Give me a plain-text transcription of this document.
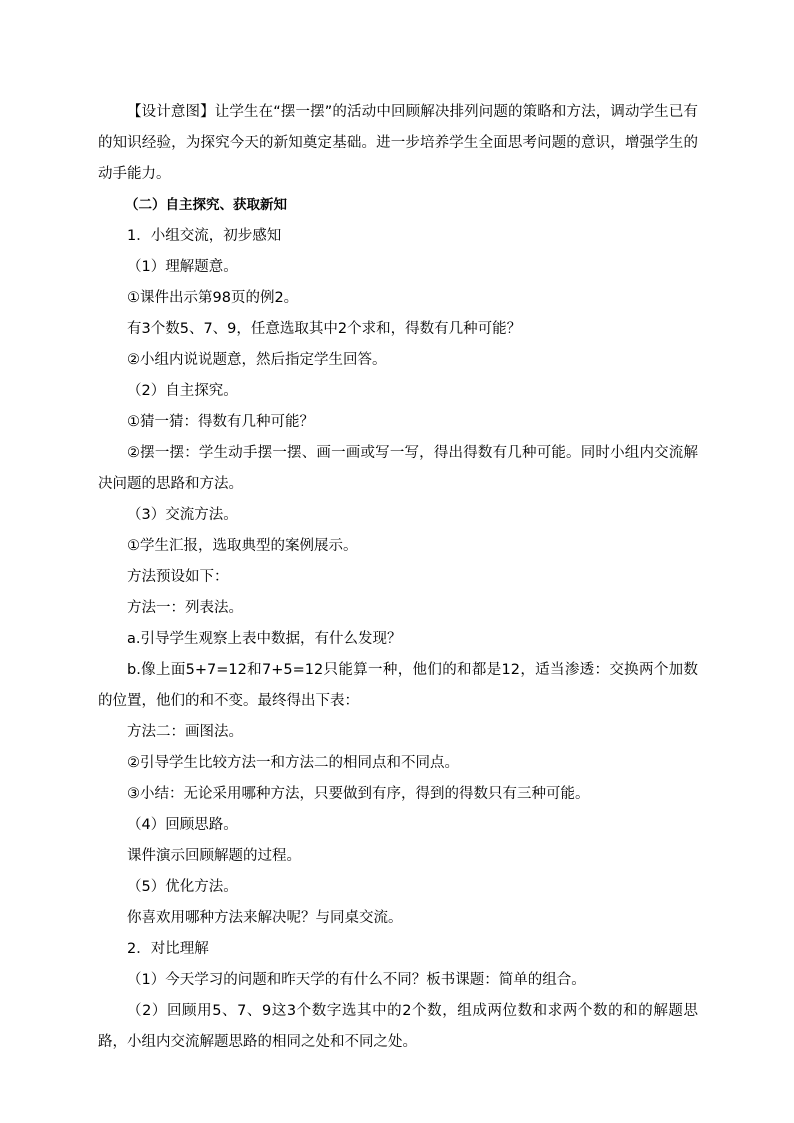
【设计意图】让学生在“摆一摆”的活动中回顾解决排列问题的策略和方法，调动学生已有的知识经验，为探究今天的新知奠定基础。进一步培养学生全面思考问题的意识，增强学生的动手能力。

（二）自主探究、获取新知

1．小组交流，初步感知

（1）理解题意。

①课件出示第98页的例2。

有3个数5、7、9，任意选取其中2个求和，得数有几种可能？

②小组内说说题意，然后指定学生回答。

（2）自主探究。

①猜一猜：得数有几种可能？

②摆一摆：学生动手摆一摆、画一画或写一写，得出得数有几种可能。同时小组内交流解决问题的思路和方法。

（3）交流方法。

①学生汇报，选取典型的案例展示。

方法预设如下：

方法一：列表法。

a.引导学生观察上表中数据，有什么发现？

b.像上面5+7=12和7+5=12只能算一种，他们的和都是12，适当渗透：交换两个加数的位置，他们的和不变。最终得出下表：

方法二：画图法。

②引导学生比较方法一和方法二的相同点和不同点。

③小结：无论采用哪种方法，只要做到有序，得到的得数只有三种可能。

（4）回顾思路。

课件演示回顾解题的过程。

（5）优化方法。

你喜欢用哪种方法来解决呢？与同桌交流。

2．对比理解

（1）今天学习的问题和昨天学的有什么不同？板书课题：简单的组合。

（2）回顾用5、7、9这3个数字选其中的2个数，组成两位数和求两个数的和的解题思路，小组内交流解题思路的相同之处和不同之处。
